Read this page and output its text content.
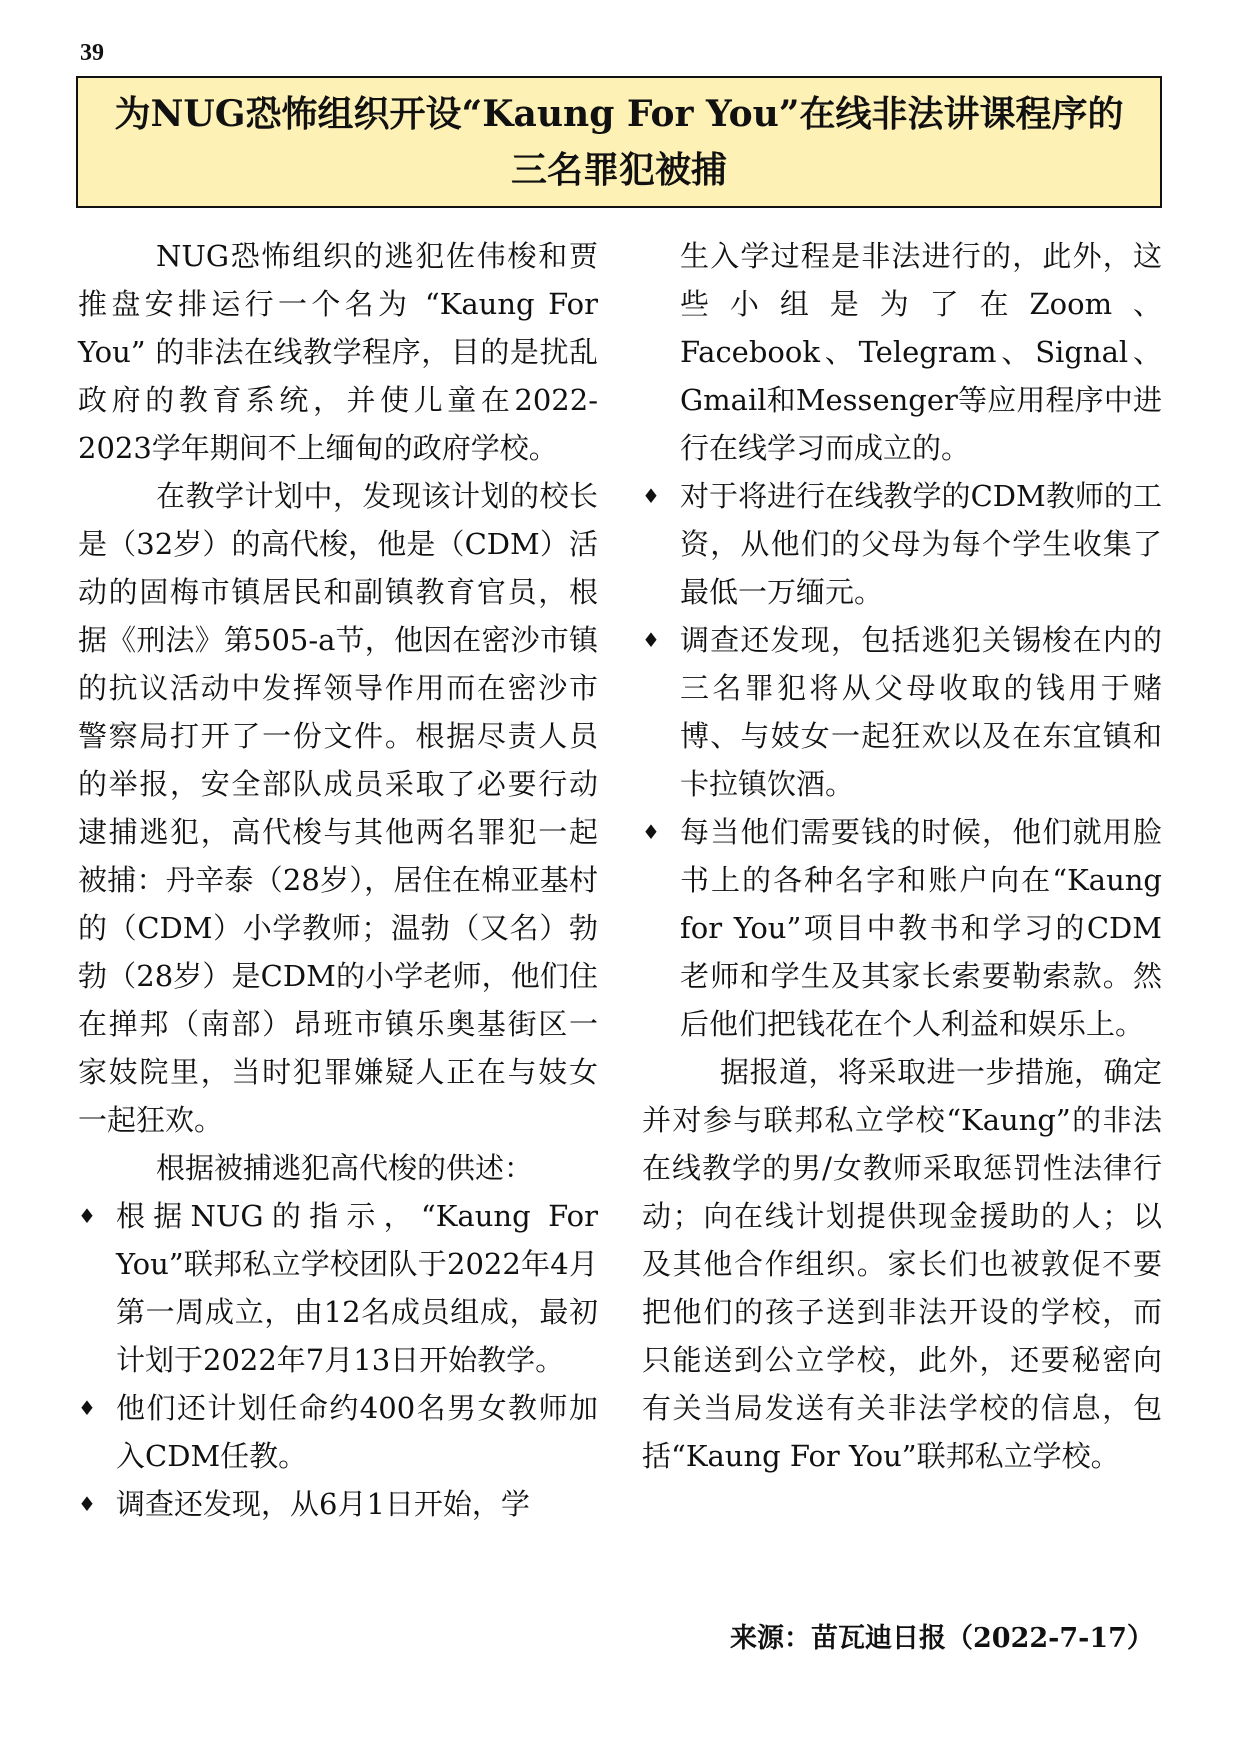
39
为NUG恐怖组织开设“Kaung For You”在线非法讲课程序的三名罪犯被捕

NUG恐怖组织的逃犯佐伟梭和贾推盘安排运行一个名为 “Kaung For You” 的非法在线教学程序，目的是扰乱政府的教育系统，并使儿童在2022-2023学年期间不上缅甸的政府学校。

在教学计划中，发现该计划的校长是（32岁）的高代梭，他是（CDM）活动的固梅市镇居民和副镇教育官员，根据《刑法》第505-a节，他因在密沙市镇的抗议活动中发挥领导作用而在密沙市警察局打开了一份文件。根据尽责人员的举报，安全部队成员采取了必要行动逮捕逃犯，高代梭与其他两名罪犯一起被捕：丹辛泰（28岁），居住在棉亚基村的（CDM）小学教师；温勃（又名）勃勃（28岁）是CDM的小学老师，他们住在掸邦（南部）昂班市镇乐奥基街区一家妓院里，当时犯罪嫌疑人正在与妓女一起狂欢。

根据被捕逃犯高代梭的供述：

♦ 根据NUG的指示，“Kaung For You”联邦私立学校团队于2022年4月第一周成立，由12名成员组成，最初计划于2022年7月13日开始教学。

♦ 他们还计划任命约400名男女教师加入CDM任教。

♦ 调查还发现，从6月1日开始，学

生入学过程是非法进行的，此外，这些小组是为了在Zoom、Facebook、Telegram、Signal、Gmail和Messenger等应用程序中进行在线学习而成立的。

♦ 对于将进行在线教学的CDM教师的工资，从他们的父母为每个学生收集了最低一万缅元。

♦ 调查还发现，包括逃犯关锡梭在内的三名罪犯将从父母收取的钱用于赌博、与妓女一起狂欢以及在东宜镇和卡拉镇饮酒。

♦ 每当他们需要钱的时候，他们就用脸书上的各种名字和账户向在“Kaung for You”项目中教书和学习的CDM老师和学生及其家长索要勒索款。然后他们把钱花在个人利益和娱乐上。

据报道，将采取进一步措施，确定并对参与联邦私立学校“Kaung”的非法在线教学的男/女教师采取惩罚性法律行动；向在线计划提供现金援助的人；以及其他合作组织。家长们也被敦促不要把他们的孩子送到非法开设的学校，而只能送到公立学校，此外，还要秘密向有关当局发送有关非法学校的信息，包括“Kaung For You”联邦私立学校。

来源：苗瓦迪日报（2022-7-17）
